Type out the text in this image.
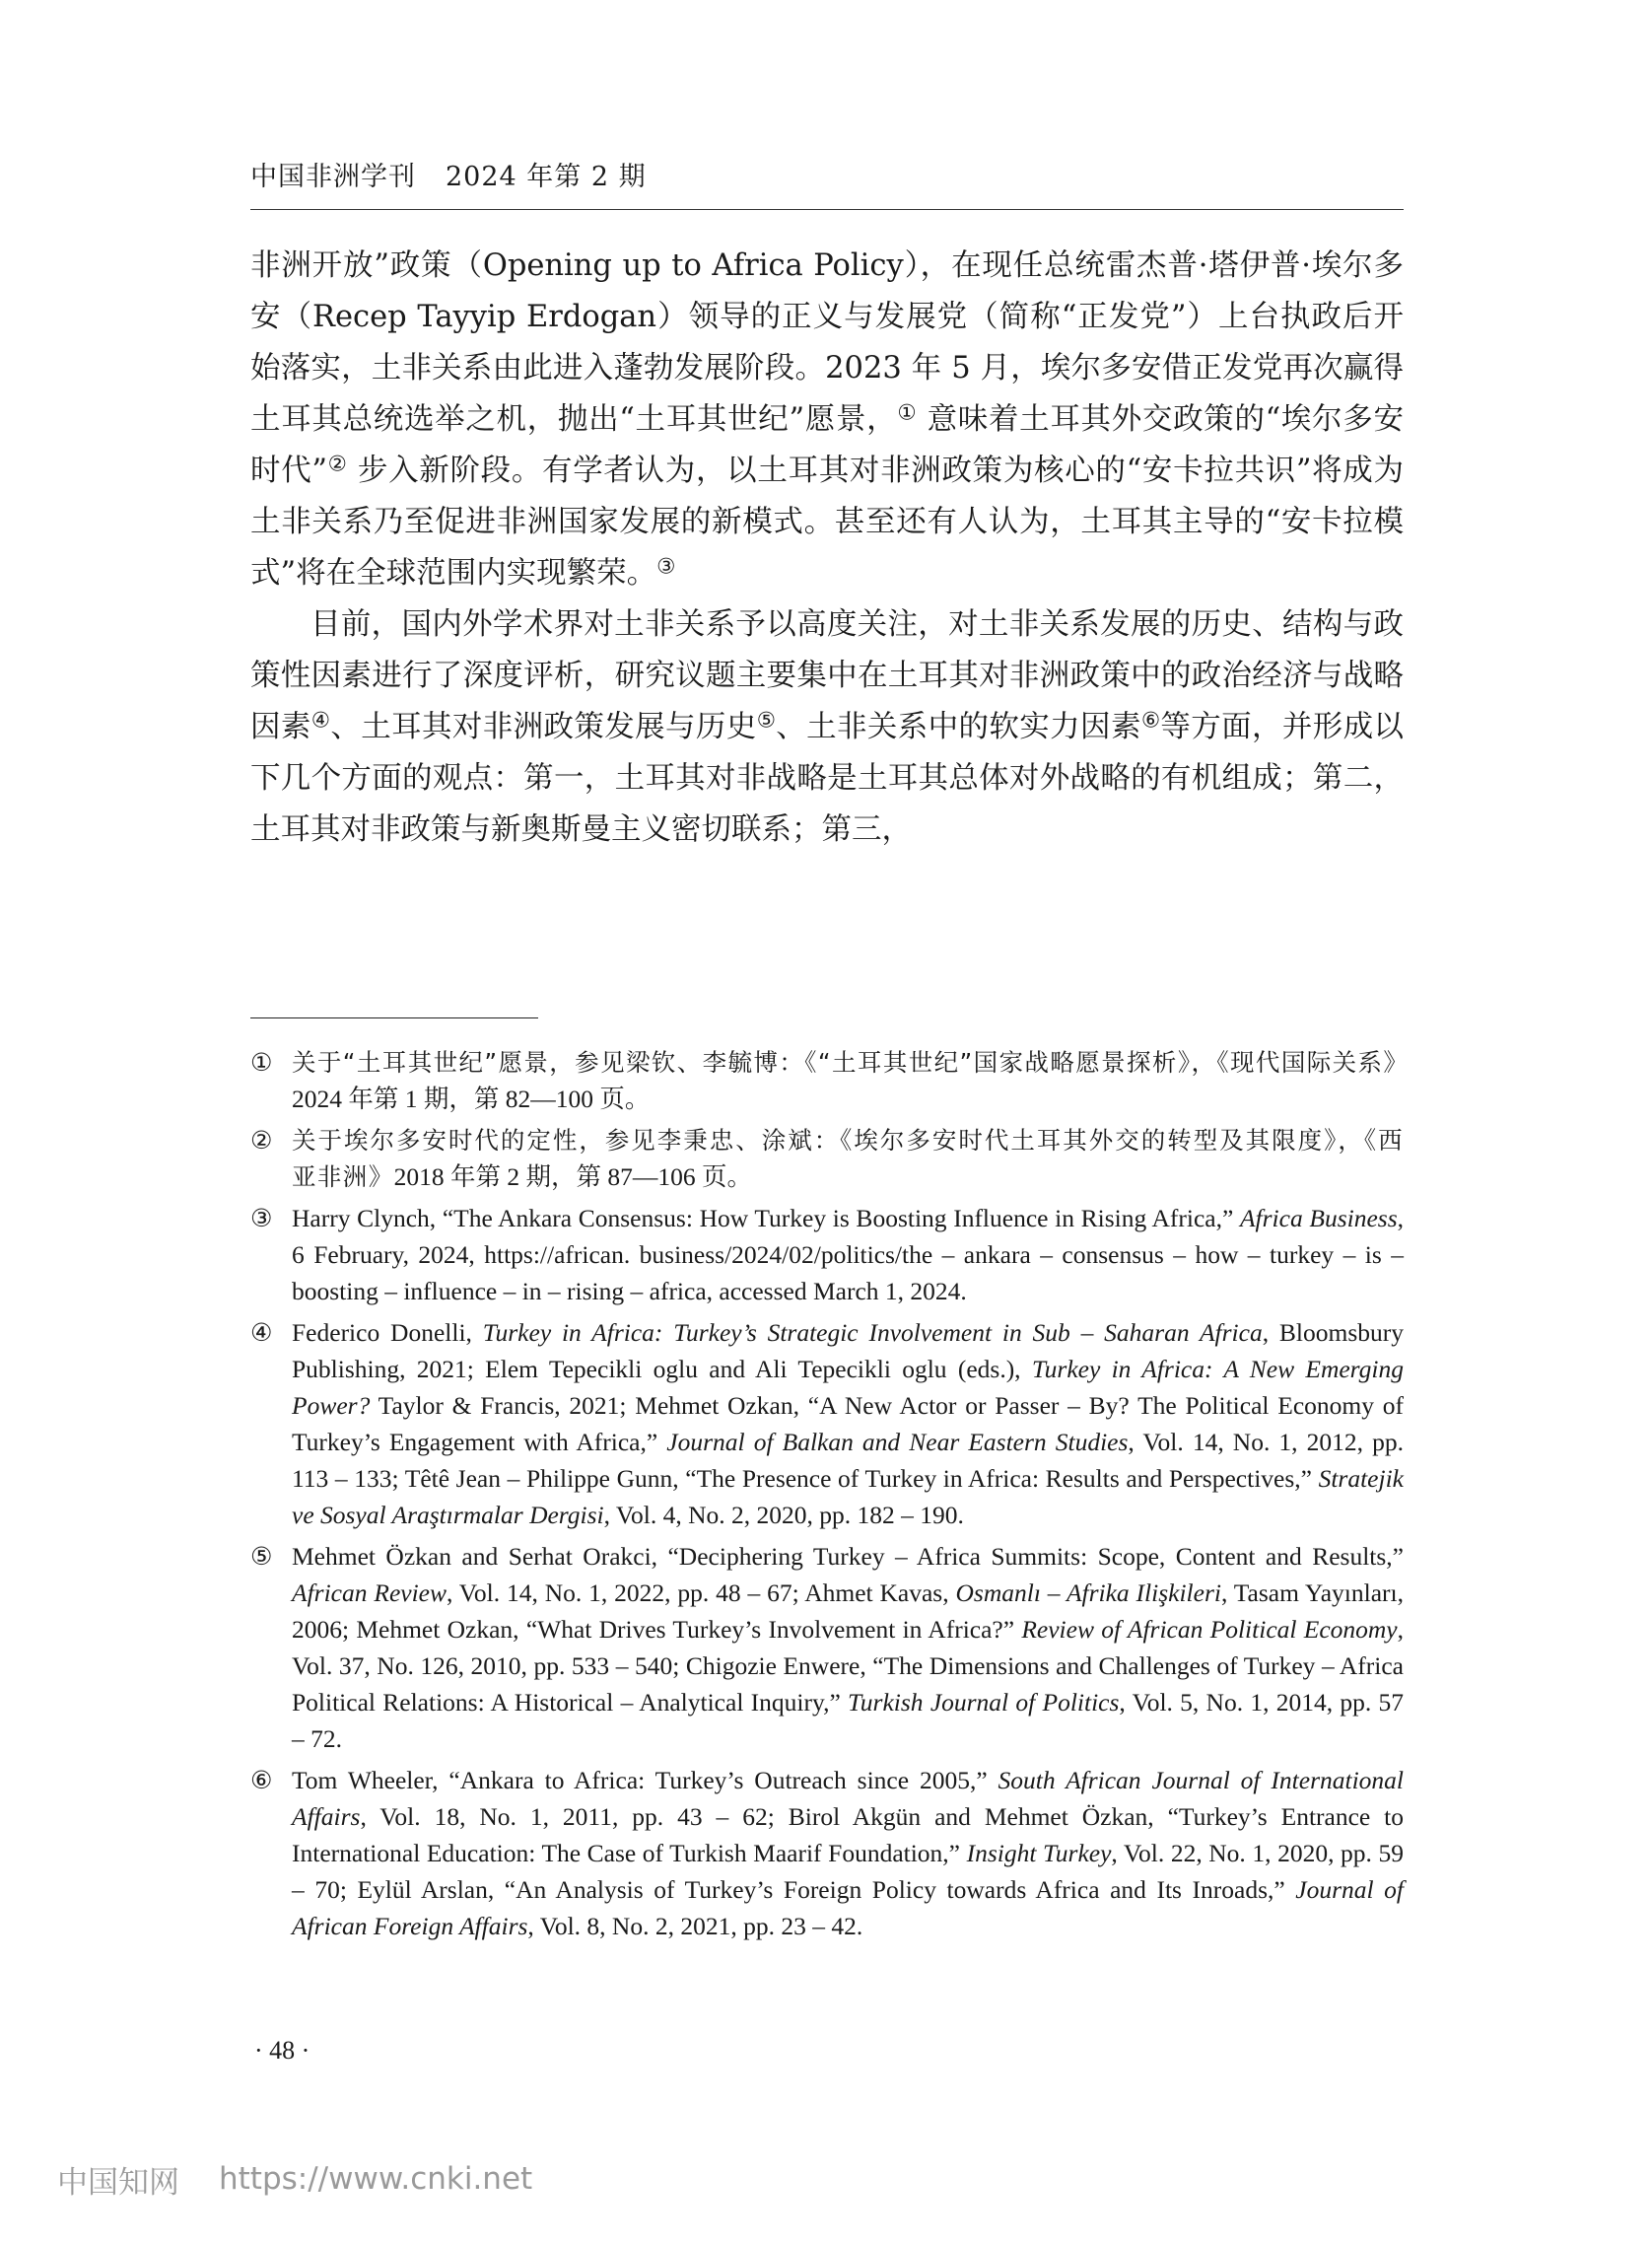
中国非洲学刊 2024 年第 2 期

非洲开放”政策（Opening up to Africa Policy），在现任总统雷杰普·塔伊普·埃尔多安（Recep Tayyip Erdogan）领导的正义与发展党（简称“正发党”）上台执政后开始落实，土非关系由此进入蓬勃发展阶段。2023 年 5 月，埃尔多安借正发党再次赢得土耳其总统选举之机，抛出“土耳其世纪”愿景，① 意味着土耳其外交政策的“埃尔多安时代”② 步入新阶段。有学者认为，以土耳其对非洲政策为核心的“安卡拉共识”将成为土非关系乃至促进非洲国家发展的新模式。甚至还有人认为，土耳其主导的“安卡拉模式”将在全球范围内实现繁荣。③

目前，国内外学术界对土非关系予以高度关注，对土非关系发展的历史、结构与政策性因素进行了深度评析，研究议题主要集中在土耳其对非洲政策中的政治经济与战略因素④、土耳其对非洲政策发展与历史⑤、土非关系中的软实力因素⑥等方面，并形成以下几个方面的观点：第一，土耳其对非战略是土耳其总体对外战略的有机组成；第二，土耳其对非政策与新奥斯曼主义密切联系；第三，

① 关于“土耳其世纪”愿景，参见梁钦、李毓博：《“土耳其世纪”国家战略愿景探析》，《现代国际关系》2024 年第 1 期，第 82—100 页。
② 关于埃尔多安时代的定性，参见李秉忠、涂斌：《埃尔多安时代土耳其外交的转型及其限度》，《西亚非洲》2018 年第 2 期，第 87—106 页。
③ Harry Clynch, “The Ankara Consensus: How Turkey is Boosting Influence in Rising Africa,” Africa Business, 6 February, 2024, https://african. business/2024/02/politics/the – ankara – consensus – how – turkey – is – boosting – influence – in – rising – africa, accessed March 1, 2024.
④ Federico Donelli, Turkey in Africa: Turkey’s Strategic Involvement in Sub – Saharan Africa, Bloomsbury Publishing, 2021; Elem Tepecikli oglu and Ali Tepecikli oglu (eds.), Turkey in Africa: A New Emerging Power? Taylor & Francis, 2021; Mehmet Ozkan, “A New Actor or Passer – By? The Political Economy of Turkey’s Engagement with Africa,” Journal of Balkan and Near Eastern Studies, Vol. 14, No. 1, 2012, pp. 113 – 133; Têtê Jean – Philippe Gunn, “The Presence of Turkey in Africa: Results and Perspectives,” Stratejik ve Sosyal Araştırmalar Dergisi, Vol. 4, No. 2, 2020, pp. 182 – 190.
⑤ Mehmet Özkan and Serhat Orakci, “Deciphering Turkey – Africa Summits: Scope, Content and Results,” African Review, Vol. 14, No. 1, 2022, pp. 48 – 67; Ahmet Kavas, Osmanlı – Afrika Ilişkileri, Tasam Yayınları, 2006; Mehmet Ozkan, “What Drives Turkey’s Involvement in Africa?” Review of African Political Economy, Vol. 37, No. 126, 2010, pp. 533 – 540; Chigozie Enwere, “The Dimensions and Challenges of Turkey – Africa Political Relations: A Historical – Analytical Inquiry,” Turkish Journal of Politics, Vol. 5, No. 1, 2014, pp. 57 – 72.
⑥ Tom Wheeler, “Ankara to Africa: Turkey’s Outreach since 2005,” South African Journal of International Affairs, Vol. 18, No. 1, 2011, pp. 43 – 62; Birol Akgün and Mehmet Özkan, “Turkey’s Entrance to International Education: The Case of Turkish Maarif Foundation,” Insight Turkey, Vol. 22, No. 1, 2020, pp. 59 – 70; Eylül Arslan, “An Analysis of Turkey’s Foreign Policy towards Africa and Its Inroads,” Journal of African Foreign Affairs, Vol. 8, No. 2, 2021, pp. 23 – 42.
· 48 ·
中国知网 https://www.cnki.net
